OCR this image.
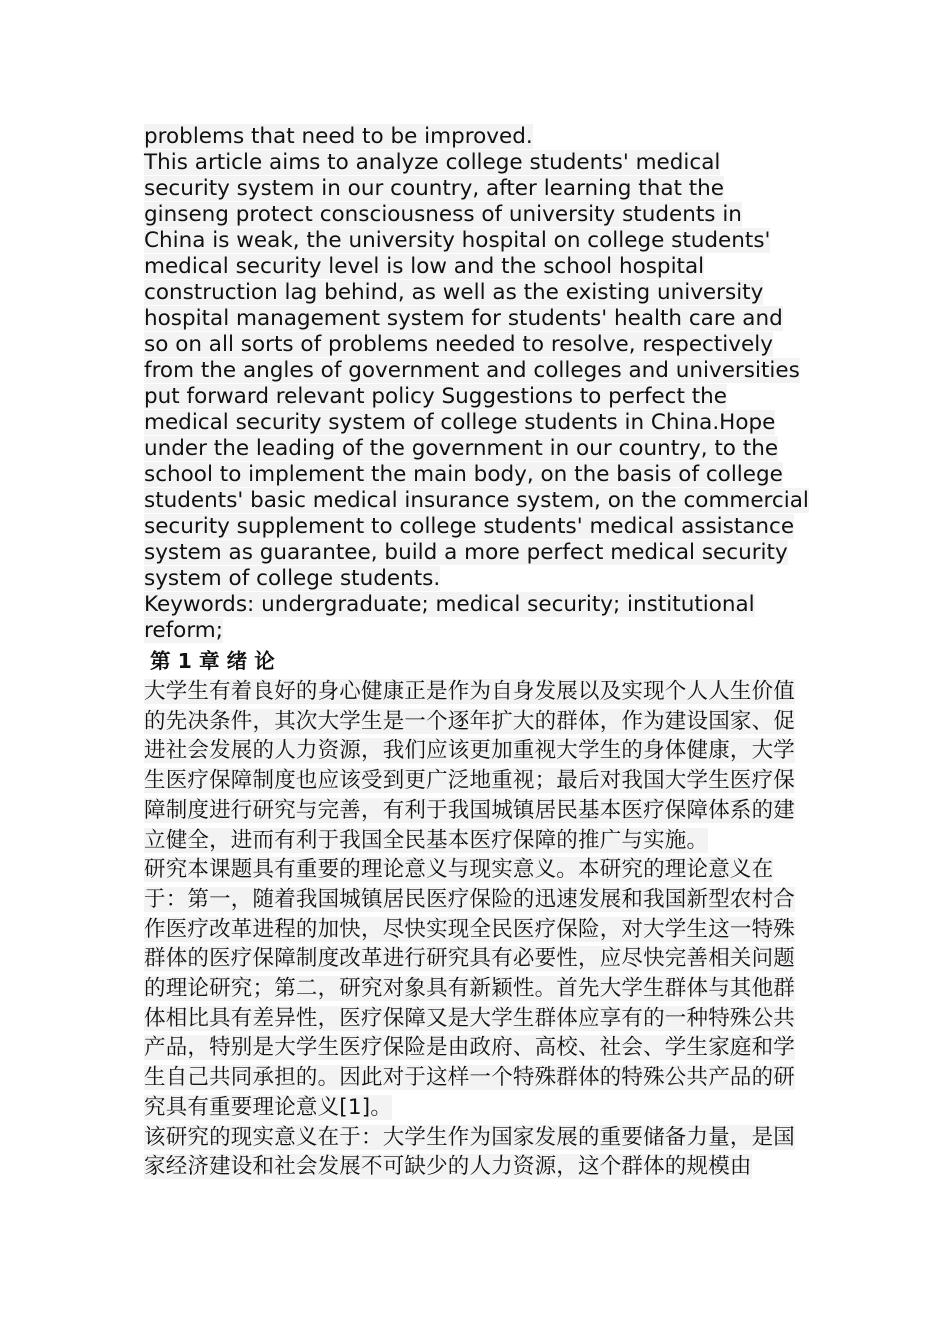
problems that need to be improved.

This article aims to analyze college students' medical security system in our country, after learning that the ginseng protect consciousness of university students in China is weak, the university hospital on college students' medical security level is low and the school hospital construction lag behind, as well as the existing university hospital management system for students' health care and so on all sorts of problems needed to resolve, respectively from the angles of government and colleges and universities put forward relevant policy Suggestions to perfect the medical security system of college students in China.Hope under the leading of the government in our country, to the school to implement the main body, on the basis of college students' basic medical insurance system, on the commercial security supplement to college students' medical assistance system as guarantee, build a more perfect medical security system of college students.

Keywords: undergraduate; medical security; institutional reform;

第 1 章 绪 论

大学生有着良好的身心健康正是作为自身发展以及实现个人人生价值的先决条件，其次大学生是一个逐年扩大的群体，作为建设国家、促进社会发展的人力资源，我们应该更加重视大学生的身体健康，大学生医疗保障制度也应该受到更广泛地重视；最后对我国大学生医疗保障制度进行研究与完善，有利于我国城镇居民基本医疗保障体系的建立健全，进而有利于我国全民基本医疗保障的推广与实施。

研究本课题具有重要的理论意义与现实意义。本研究的理论意义在于：第一，随着我国城镇居民医疗保险的迅速发展和我国新型农村合作医疗改革进程的加快，尽快实现全民医疗保险，对大学生这一特殊群体的医疗保障制度改革进行研究具有必要性，应尽快完善相关问题的理论研究；第二，研究对象具有新颖性。首先大学生群体与其他群体相比具有差异性，医疗保障又是大学生群体应享有的一种特殊公共产品，特别是大学生医疗保险是由政府、高校、社会、学生家庭和学生自己共同承担的。因此对于这样一个特殊群体的特殊公共产品的研究具有重要理论意义[1]。

该研究的现实意义在于：大学生作为国家发展的重要储备力量，是国家经济建设和社会发展不可缺少的人力资源，这个群体的规模由
